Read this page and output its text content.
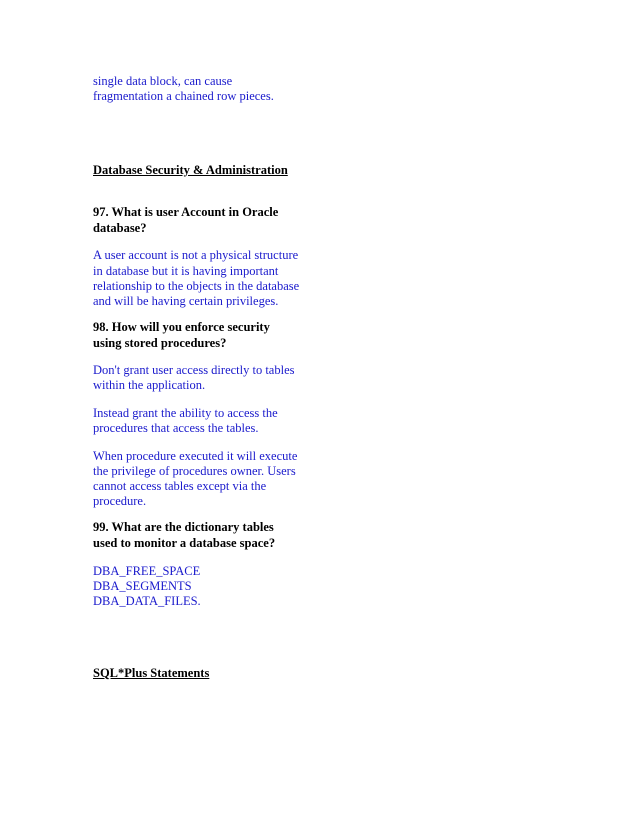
single data block, can cause
fragmentation a chained row pieces.
Database Security & Administration
97. What is user Account in Oracle
database?
A user account is not a physical structure
in database but it is having important
relationship to the objects in the database
and will be having certain privileges.
98. How will you enforce security
using stored procedures?
Don't grant user access directly to tables
within the application.
Instead grant the ability to access the
procedures that access the tables.
When procedure executed it will execute
the privilege of procedures owner. Users
cannot access tables except via the
procedure.
99. What are the dictionary tables
used to monitor a database space?
DBA_FREE_SPACE
DBA_SEGMENTS
DBA_DATA_FILES.
SQL*Plus Statements
